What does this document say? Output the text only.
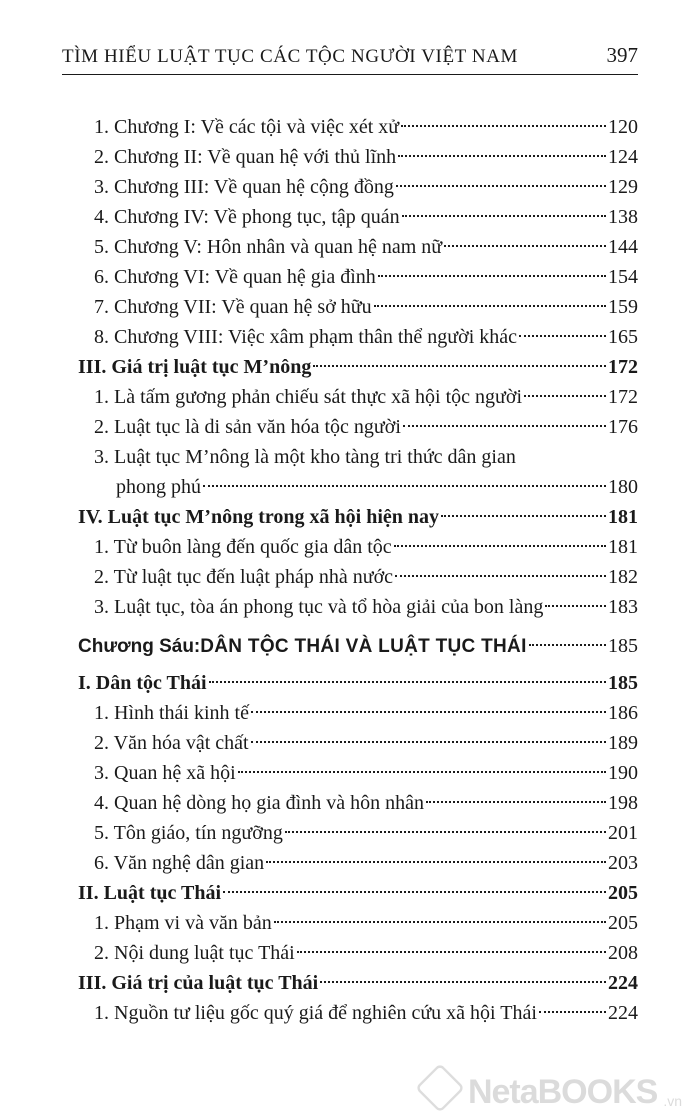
TÌM HIỂU LUẬT TỤC CÁC TỘC NGƯỜI VIỆT NAM	397
1. Chương I: Về các tội và việc xét xử	120
2. Chương II: Về quan hệ với thủ lĩnh	124
3. Chương III: Về quan hệ cộng đồng	129
4. Chương IV: Về phong tục, tập quán	138
5. Chương V: Hôn nhân và quan hệ nam nữ	144
6. Chương VI: Về quan hệ gia đình	154
7. Chương VII: Về quan hệ sở hữu	159
8. Chương VIII: Việc xâm phạm thân thể người khác	165
III. Giá trị luật tục M’nông	172
1. Là tấm gương phản chiếu sát thực xã hội tộc người	172
2. Luật tục là di sản văn hóa tộc người	176
3. Luật tục M’nông là một kho tàng tri thức dân gian
phong phú	180
IV. Luật tục M’nông trong xã hội hiện nay	181
1. Từ buôn làng đến quốc gia dân tộc	181
2. Từ luật tục đến luật pháp nhà nước	182
3. Luật tục, tòa án phong tục và tổ hòa giải của bon làng	183
Chương Sáu: DÂN TỘC THÁI VÀ LUẬT TỤC THÁI	185
I. Dân tộc Thái	185
1. Hình thái kinh tế	186
2. Văn hóa vật chất	189
3. Quan hệ xã hội	190
4. Quan hệ dòng họ gia đình và hôn nhân	198
5. Tôn giáo, tín ngưỡng	201
6. Văn nghệ dân gian	203
II. Luật tục Thái	205
1. Phạm vi và văn bản	205
2. Nội dung luật tục Thái	208
III. Giá trị của luật tục Thái	224
1. Nguồn tư liệu gốc quý giá để nghiên cứu xã hội Thái	224
NetaBOOKS .vn
